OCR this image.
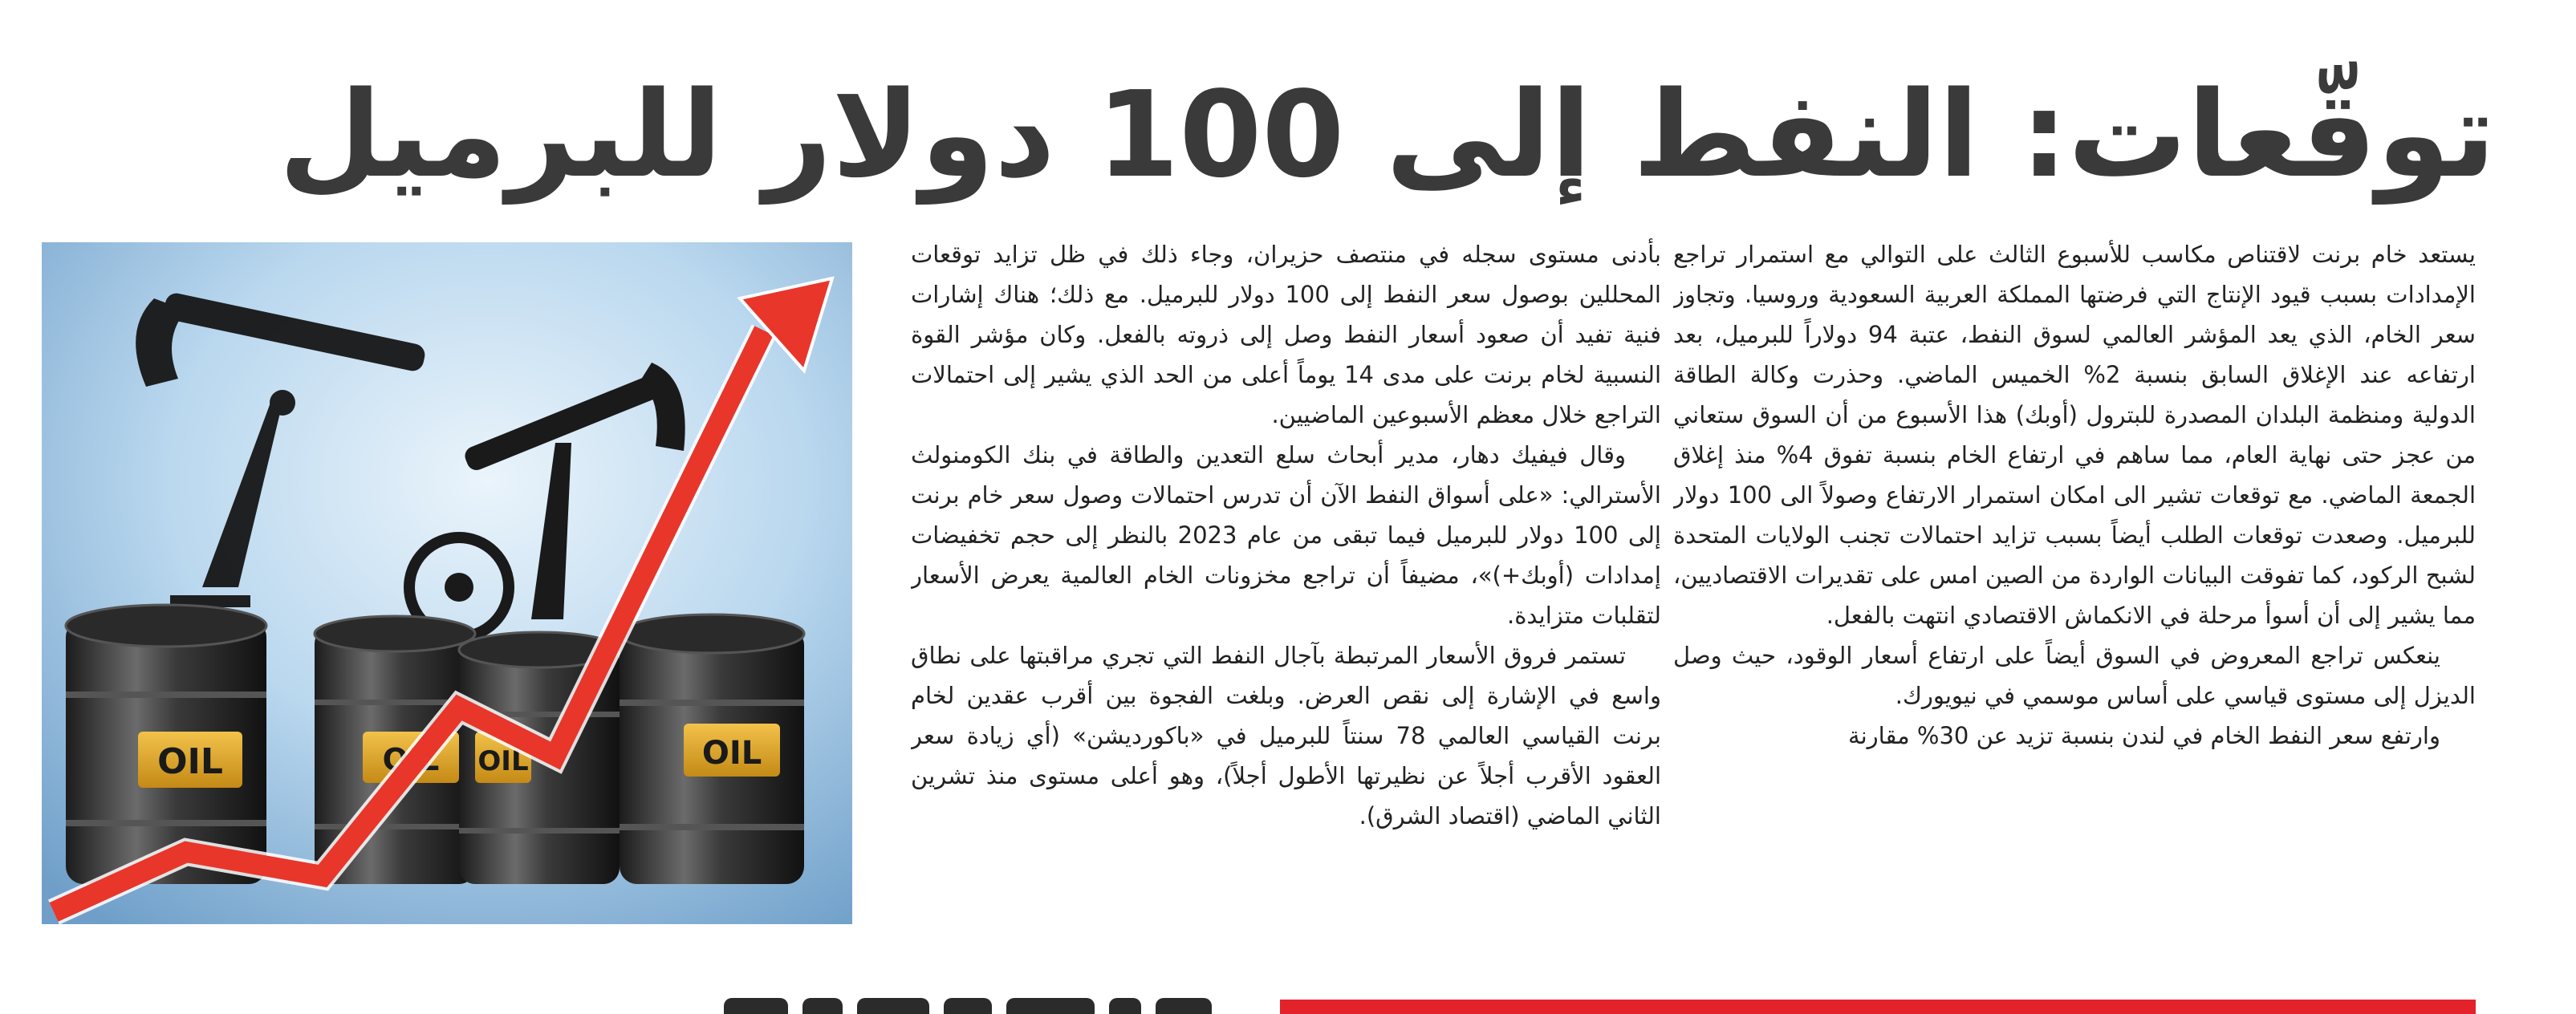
توقّعات: النفط إلى 100 دولار للبرميل

يستعد خام برنت لاقتناص مكاسب للأسبوع الثالث على التوالي مع استمرار تراجع الإمدادات بسبب قيود الإنتاج التي فرضتها المملكة العربية السعودية وروسيا. وتجاوز سعر الخام، الذي يعد المؤشر العالمي لسوق النفط، عتبة 94 دولاراً للبرميل، بعد ارتفاعه عند الإغلاق السابق بنسبة 2% الخميس الماضي. وحذرت وكالة الطاقة الدولية ومنظمة البلدان المصدرة للبترول (أوبك) هذا الأسبوع من أن السوق ستعاني من عجز حتى نهاية العام، مما ساهم في ارتفاع الخام بنسبة تفوق 4% منذ إغلاق الجمعة الماضي. مع توقعات تشير الى امكان استمرار الارتفاع وصولاً الى 100 دولار للبرميل. وصعدت توقعات الطلب أيضاً بسبب تزايد احتمالات تجنب الولايات المتحدة لشبح الركود، كما تفوقت البيانات الواردة من الصين امس على تقديرات الاقتصاديين، مما يشير إلى أن أسوأ مرحلة في الانكماش الاقتصادي انتهت بالفعل.

ينعكس تراجع المعروض في السوق أيضاً على ارتفاع أسعار الوقود، حيث وصل الديزل إلى مستوى قياسي على أساس موسمي في نيويورك.

وارتفع سعر النفط الخام في لندن بنسبة تزيد عن 30% مقارنة

بأدنى مستوى سجله في منتصف حزيران، وجاء ذلك في ظل تزايد توقعات المحللين بوصول سعر النفط إلى 100 دولار للبرميل. مع ذلك؛ هناك إشارات فنية تفيد أن صعود أسعار النفط وصل إلى ذروته بالفعل. وكان مؤشر القوة النسبية لخام برنت على مدى 14 يوماً أعلى من الحد الذي يشير إلى احتمالات التراجع خلال معظم الأسبوعين الماضيين.

وقال فيفيك دهار، مدير أبحاث سلع التعدين والطاقة في بنك الكومنولث الأسترالي: «على أسواق النفط الآن أن تدرس احتمالات وصول سعر خام برنت إلى 100 دولار للبرميل فيما تبقى من عام 2023 بالنظر إلى حجم تخفيضات إمدادات (أوبك+)»، مضيفاً أن تراجع مخزونات الخام العالمية يعرض الأسعار لتقلبات متزايدة.

تستمر فروق الأسعار المرتبطة بآجال النفط التي تجري مراقبتها على نطاق واسع في الإشارة إلى نقص العرض. وبلغت الفجوة بين أقرب عقدين لخام برنت القياسي العالمي 78 سنتاً للبرميل في «باكورديشن» (أي زيادة سعر العقود الأقرب أجلاً عن نظيرتها الأطول أجلاً)، وهو أعلى مستوى منذ تشرين الثاني الماضي (اقتصاد الشرق).

OIL	OIL OIL	OIL
